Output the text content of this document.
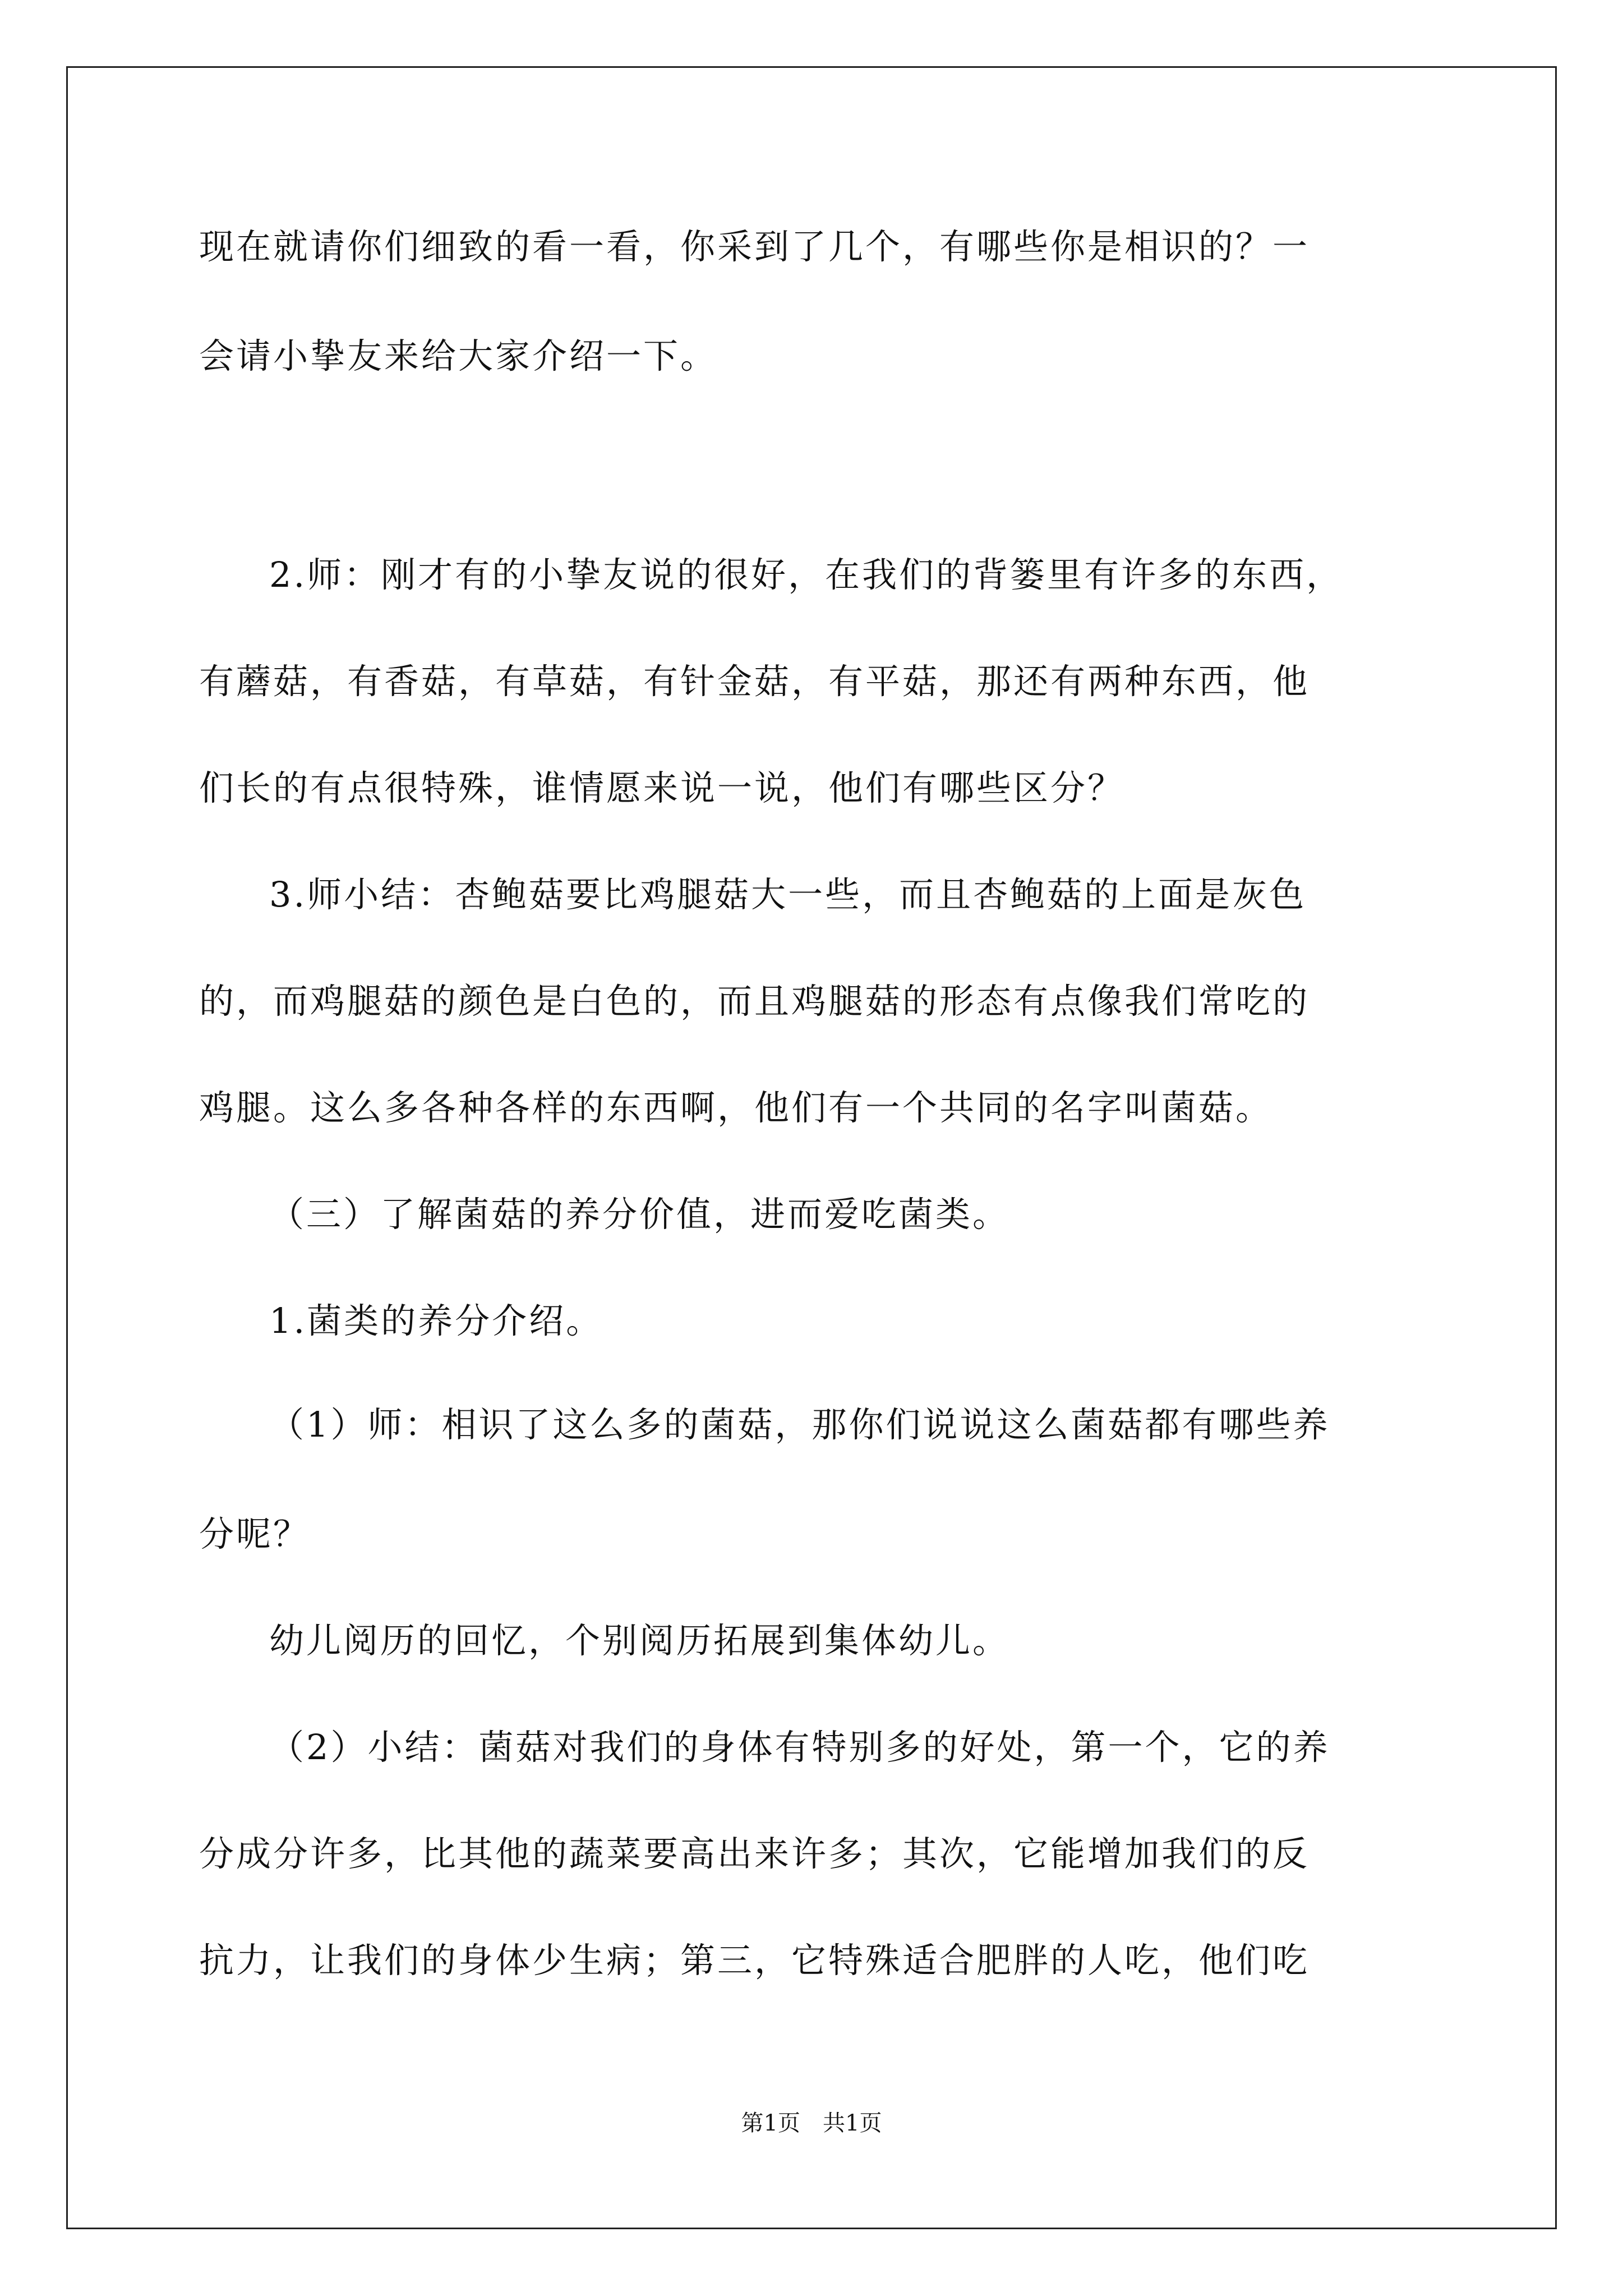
现在就请你们细致的看一看，你采到了几个，有哪些你是相识的？一
会请小挚友来给大家介绍一下。
2.师：刚才有的小挚友说的很好，在我们的背篓里有许多的东西，
有蘑菇，有香菇，有草菇，有针金菇，有平菇，那还有两种东西，他
们长的有点很特殊，谁情愿来说一说，他们有哪些区分？
3.师小结：杏鲍菇要比鸡腿菇大一些，而且杏鲍菇的上面是灰色
的，而鸡腿菇的颜色是白色的，而且鸡腿菇的形态有点像我们常吃的
鸡腿。这么多各种各样的东西啊，他们有一个共同的名字叫菌菇。
（三）了解菌菇的养分价值，进而爱吃菌类。
1.菌类的养分介绍。
（1）师：相识了这么多的菌菇，那你们说说这么菌菇都有哪些养
分呢？
幼儿阅历的回忆，个别阅历拓展到集体幼儿。
（2）小结：菌菇对我们的身体有特别多的好处，第一个，它的养
分成分许多，比其他的蔬菜要高出来许多；其次，它能增加我们的反
抗力，让我们的身体少生病；第三，它特殊适合肥胖的人吃，他们吃
第1页　共1页
